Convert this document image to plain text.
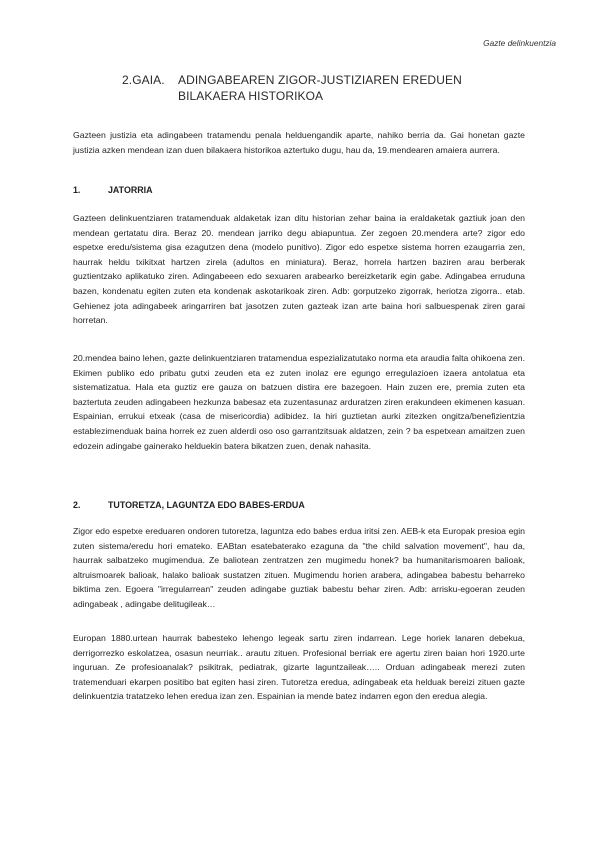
Gazte delinkuentzia
2.GAIA. ADINGABEAREN ZIGOR-JUSTIZIAREN EREDUEN
BILAKAERA HISTORIKOA

Gazteen justizia eta adingabeen tratamendu penala helduengandik aparte, nahiko berria da. Gai honetan gazte justizia azken mendean izan duen bilakaera historikoa aztertuko dugu, hau da, 19.mendearen amaiera aurrera.

1.	JATORRIA

Gazteen delinkuentziaren tratamenduak aldaketak izan ditu historian zehar baina ia eraldaketak gaztiuk joan den mendean gertatatu dira. Beraz 20. mendean jarriko degu abiapuntua. Zer zegoen 20.mendera arte? zigor edo espetxe eredu/sistema gisa ezagutzen dena (modelo punitivo). Zigor edo espetxe sistema horren ezaugarria zen, haurrak heldu txikitxat hartzen zirela (adultos en miniatura). Beraz, horrela hartzen baziren arau berberak guztientzako aplikatuko ziren. Adingabeeen edo sexuaren arabearko bereizketarik egin gabe. Adingabea erruduna bazen, kondenatu egiten zuten eta kondenak askotarikoak ziren. Adb: gorputzeko zigorrak, heriotza zigorra.. etab. Gehienez jota adingabeek aringarriren bat jasotzen zuten gazteak izan arte baina hori salbuespenak ziren garai horretan.

20.mendea baino lehen, gazte delinkuentziaren tratamendua espezializatutako norma eta araudia falta ohikoena zen. Ekimen publiko edo pribatu gutxi zeuden eta ez zuten inolaz ere egungo erregulazioen izaera antolatua eta sistematizatua. Hala eta guztiz ere gauza on batzuen distira ere bazegoen. Hain zuzen ere, premia zuten eta baztertuta zeuden adingabeen hezkunza babesaz eta zuzentasunaz arduratzen ziren erakundeen ekimenen kasuan. Espainian, errukui etxeak (casa de misericordia) adibidez. Ia hiri guztietan aurki zitezken ongitza/benefizientzia establezimenduak baina horrek ez zuen alderdi oso oso garrantzitsuak aldatzen, zein ? ba espetxean amaitzen zuen edozein adingabe gainerako helduekin batera bikatzen zuen, denak nahasita.

2.	TUTORETZA, LAGUNTZA EDO BABES-ERDUA

Zigor edo espetxe ereduaren ondoren tutoretza, laguntza edo babes erdua iritsi zen. AEB-k eta Europak presioa egin zuten sistema/eredu hori emateko. EABtan esatebaterako ezaguna da "the child salvation movement", hau da, haurrak salbatzeko mugimendua. Ze baliotean zentratzen zen mugimedu honek? ba humanitarismoaren balioak, altruismoarek balioak, halako balioak sustatzen zituen. Mugimendu horien arabera, adingabea babestu beharreko biktima zen. Egoera "irregularrean" zeuden adingabe guztiak babestu behar ziren. Adb: arrisku-egoeran zeuden adingabeak , adingabe delitugileak…

Europan 1880.urtean haurrak babesteko lehengo legeak sartu ziren indarrean. Lege horiek lanaren debekua, derrigorrezko eskolatzea, osasun neurriak.. arautu zituen. Profesional berriak ere agertu ziren baian hori 1920.urte inguruan. Ze profesioanalak? psikitrak, pediatrak, gizarte laguntzaileak….. Orduan adingabeak merezi zuten tratemenduari ekarpen positibo bat egiten hasi ziren. Tutoretza eredua, adingabeak eta helduak bereizi zituen gazte delinkuentzia tratatzeko lehen eredua izan zen. Espainian ia mende batez indarren egon den eredua alegia.
